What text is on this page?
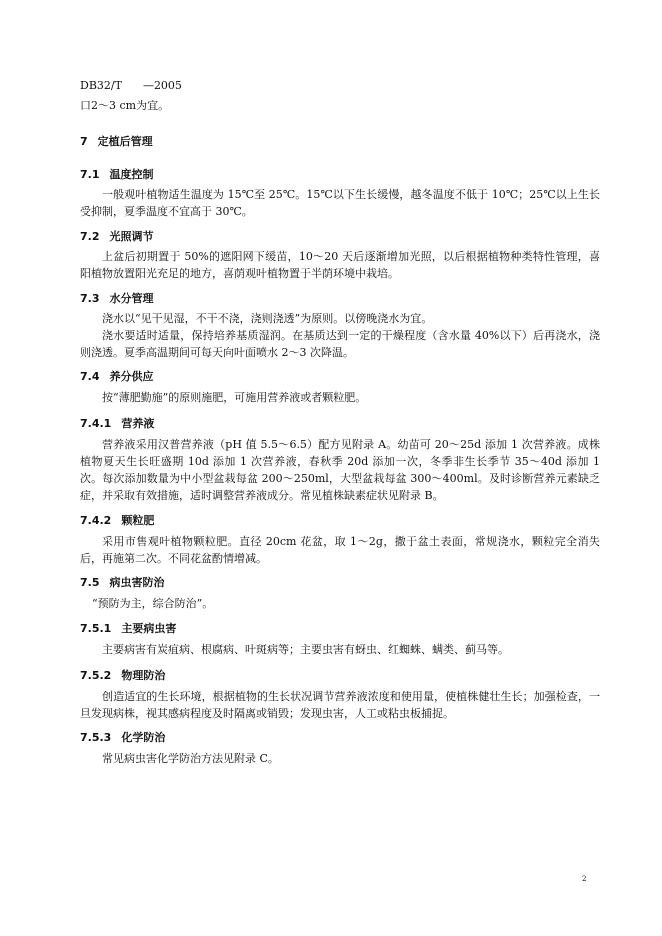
DB32/T —2005
口2～3 cm为宜。
7 定植后管理
7.1 温度控制
一般观叶植物适生温度为 15℃至 25℃。15℃以下生长缓慢，越冬温度不低于 10℃；25℃以上生长受抑制，夏季温度不宜高于 30℃。
7.2 光照调节
上盆后初期置于 50%的遮阳网下缓苗，10～20 天后逐渐增加光照，以后根据植物种类特性管理，喜阳植物放置阳光充足的地方，喜荫观叶植物置于半荫环境中栽培。
7.3 水分管理
浇水以“见干见湿，不干不浇，浇则浇透”为原则。以傍晚浇水为宜。
浇水要适时适量，保持培养基质湿润。在基质达到一定的干燥程度（含水量 40%以下）后再浇水，浇则浇透。夏季高温期间可每天向叶面喷水 2～3 次降温。
7.4 养分供应
按“薄肥勤施”的原则施肥，可施用营养液或者颗粒肥。
7.4.1 营养液
营养液采用汉普营养液（pH 值 5.5～6.5）配方见附录 A。幼苗可 20～25d 添加 1 次营养液。成株植物夏天生长旺盛期 10d 添加 1 次营养液，春秋季 20d 添加一次，冬季非生长季节 35～40d 添加 1 次。每次添加数量为中小型盆栽每盆 200～250ml，大型盆栽每盆 300～400ml。及时诊断营养元素缺乏症，并采取有效措施，适时调整营养液成分。常见植株缺素症状见附录 B。
7.4.2 颗粒肥
采用市售观叶植物颗粒肥。直径 20cm 花盆，取 1～2g，撒于盆土表面，常规浇水，颗粒完全消失后，再施第二次。不同花盆酌情增减。
7.5 病虫害防治
“预防为主，综合防治”。
7.5.1 主要病虫害
主要病害有炭疽病、根腐病、叶斑病等；主要虫害有蚜虫、红蜘蛛、螨类、蓟马等。
7.5.2 物理防治
创造适宜的生长环境，根据植物的生长状况调节营养液浓度和使用量，使植株健壮生长；加强检查，一旦发现病株，视其感病程度及时隔离或销毁；发现虫害，人工或粘虫板捕捉。
7.5.3 化学防治
常见病虫害化学防治方法见附录 C。
2
